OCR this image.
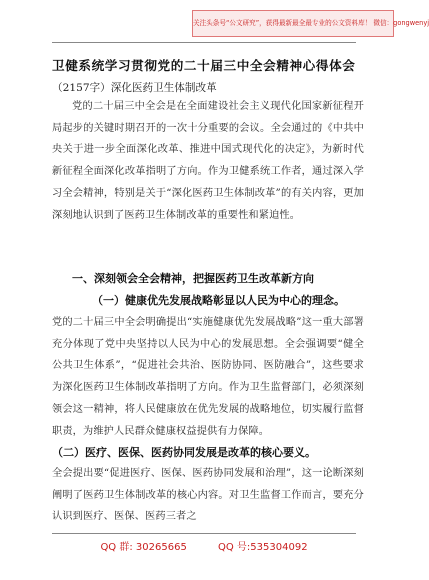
关注头条号“公文研究”，获得最新最全最专业的公文资料库！ 微信：gongwenyj
卫健系统学习贯彻党的二十届三中全会精神心得体会
（2157字）深化医药卫生体制改革
党的二十届三中全会是在全面建设社会主义现代化国家新征程开局起步的关键时期召开的一次十分重要的会议。全会通过的《中共中央关于进一步全面深化改革、推进中国式现代化的决定》，为新时代新征程全面深化改革指明了方向。作为卫健系统工作者，通过深入学习全会精神，特别是关于“深化医药卫生体制改革”的有关内容，更加深刻地认识到了医药卫生体制改革的重要性和紧迫性。
一、深刻领会全会精神，把握医药卫生改革新方向
（一）健康优先发展战略彰显以人民为中心的理念。
党的二十届三中全会明确提出“实施健康优先发展战略”这一重大部署充分体现了党中央坚持以人民为中心的发展思想。全会强调要“健全公共卫生体系”，“促进社会共治、医防协同、医防融合”，这些要求为深化医药卫生体制改革指明了方向。作为卫生监督部门，必须深刻领会这一精神，将人民健康放在优先发展的战略地位，切实履行监督职责，为维护人民群众健康权益提供有力保障。
（二）医疗、医保、医药协同发展是改革的核心要义。
全会提出要“促进医疗、医保、医药协同发展和治理”，这一论断深刻阐明了医药卫生体制改革的核心内容。对卫生监督工作而言，要充分认识到医疗、医保、医药三者之
QQ 群: 30265665	QQ 号:535304092
